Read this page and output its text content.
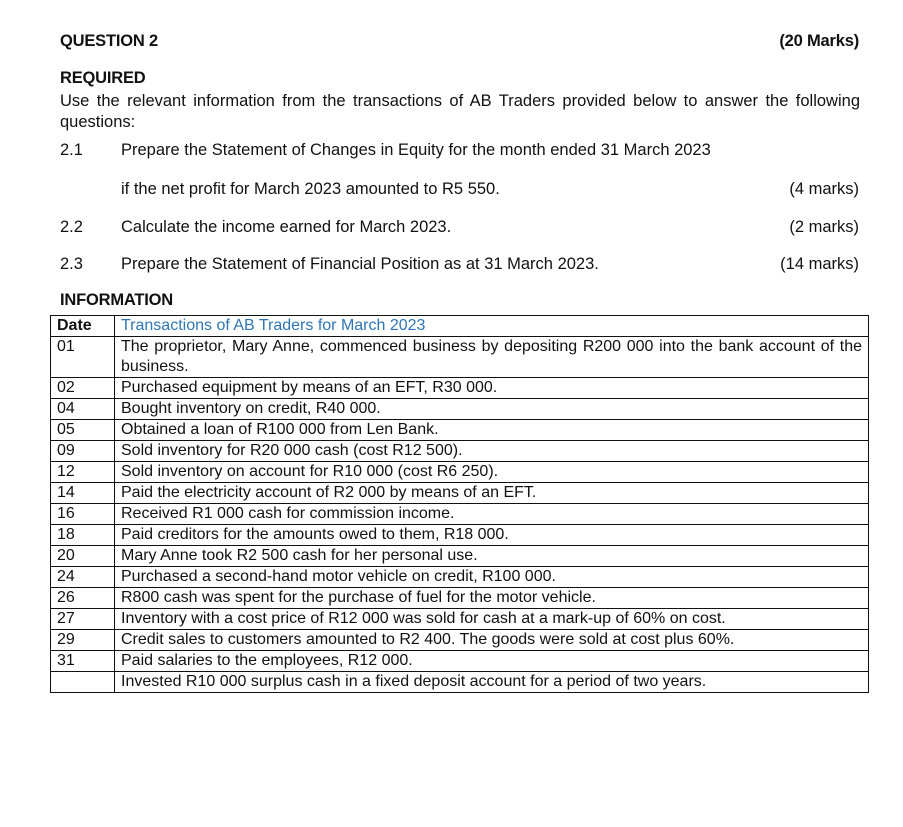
QUESTION 2	(20 Marks)
REQUIRED
Use the relevant information from the transactions of AB Traders provided below to answer the following questions:
2.1 Prepare the Statement of Changes in Equity for the month ended 31 March 2023
if the net profit for March 2023 amounted to R5 550.	(4 marks)
2.2 Calculate the income earned for March 2023.	(2 marks)
2.3 Prepare the Statement of Financial Position as at 31 March 2023.	(14 marks)
INFORMATION
Date	Transactions of AB Traders for March 2023
01	The proprietor, Mary Anne, commenced business by depositing R200 000 into the bank account of the business.
02	Purchased equipment by means of an EFT, R30 000.
04	Bought inventory on credit, R40 000.
05	Obtained a loan of R100 000 from Len Bank.
09	Sold inventory for R20 000 cash (cost R12 500).
12	Sold inventory on account for R10 000 (cost R6 250).
14	Paid the electricity account of R2 000 by means of an EFT.
16	Received R1 000 cash for commission income.
18	Paid creditors for the amounts owed to them, R18 000.
20	Mary Anne took R2 500 cash for her personal use.
24	Purchased a second-hand motor vehicle on credit, R100 000.
26	R800 cash was spent for the purchase of fuel for the motor vehicle.
27	Inventory with a cost price of R12 000 was sold for cash at a mark-up of 60% on cost.
29	Credit sales to customers amounted to R2 400. The goods were sold at cost plus 60%.
31	Paid salaries to the employees, R12 000.
	Invested R10 000 surplus cash in a fixed deposit account for a period of two years.
